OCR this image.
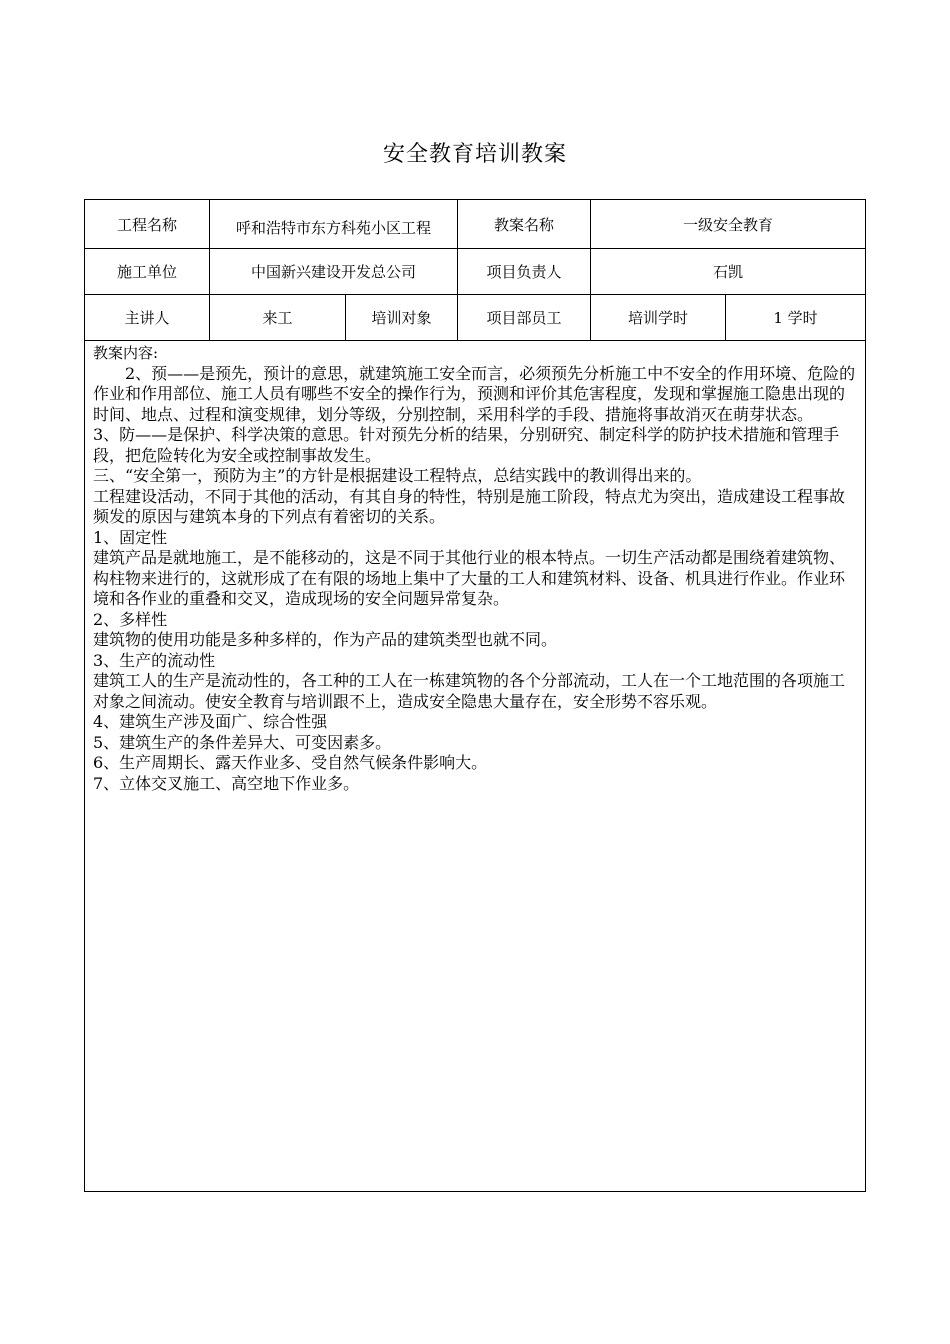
安全教育培训教案
工程名称	呼和浩特市东方科苑小区工程	教案名称	一级安全教育
施工单位	中国新兴建设开发总公司	项目负责人	石凯
主讲人	来工	培训对象	项目部员工	培训学时	1 学时

教案内容:

2、预——是预先，预计的意思，就建筑施工安全而言，必须预先分析施工中不安全的作用环境、危险的作业和作用部位、施工人员有哪些不安全的操作行为，预测和评价其危害程度，发现和掌握施工隐患出现的时间、地点、过程和演变规律，划分等级，分别控制，采用科学的手段、措施将事故消灭在萌芽状态。

3、防——是保护、科学决策的意思。针对预先分析的结果，分别研究、制定科学的防护技术措施和管理手段，把危险转化为安全或控制事故发生。

三、“安全第一，预防为主”的方针是根据建设工程特点，总结实践中的教训得出来的。

工程建设活动，不同于其他的活动，有其自身的特性，特别是施工阶段，特点尤为突出，造成建设工程事故频发的原因与建筑本身的下列点有着密切的关系。

1、固定性

建筑产品是就地施工，是不能移动的，这是不同于其他行业的根本特点。一切生产活动都是围绕着建筑物、构柱物来进行的，这就形成了在有限的场地上集中了大量的工人和建筑材料、设备、机具进行作业。作业环境和各作业的重叠和交叉，造成现场的安全问题异常复杂。

2、多样性

建筑物的使用功能是多种多样的，作为产品的建筑类型也就不同。

3、生产的流动性

建筑工人的生产是流动性的，各工种的工人在一栋建筑物的各个分部流动，工人在一个工地范围的各项施工对象之间流动。使安全教育与培训跟不上，造成安全隐患大量存在，安全形势不容乐观。

4、建筑生产涉及面广、综合性强

5、建筑生产的条件差异大、可变因素多。

6、生产周期长、露天作业多、受自然气候条件影响大。

7、立体交叉施工、高空地下作业多。
